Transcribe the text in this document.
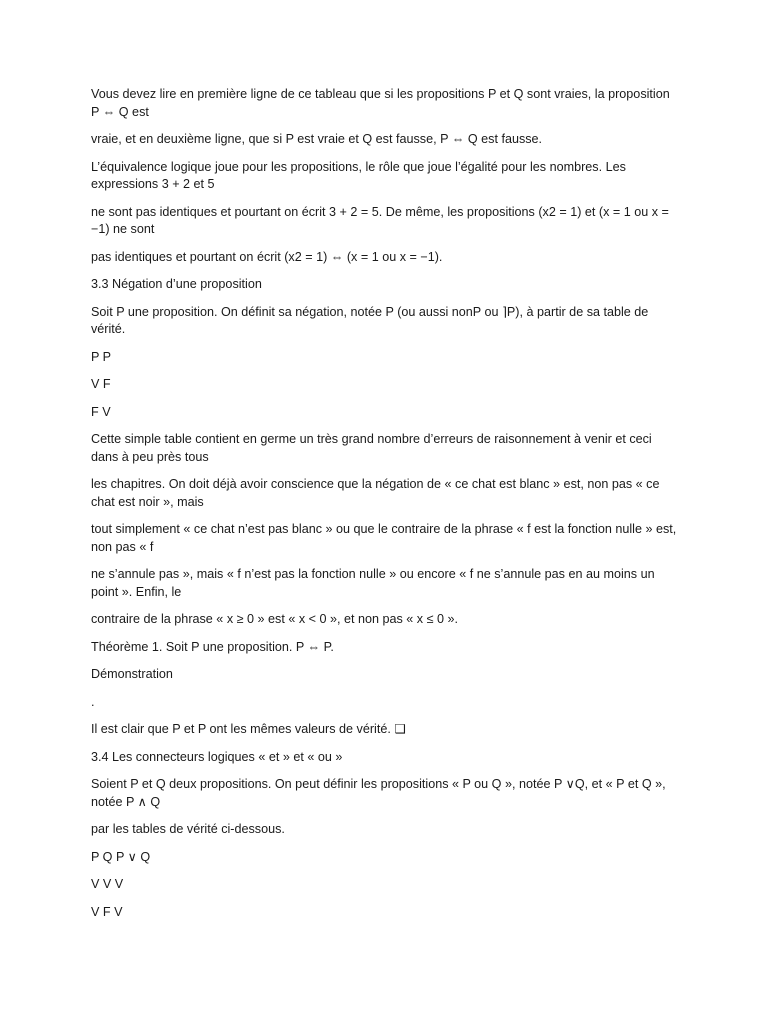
Vous devez lire en première ligne de ce tableau que si les propositions P et Q sont vraies, la proposition P ⇔ Q est

vraie, et en deuxième ligne, que si P est vraie et Q est fausse, P ⇔ Q est fausse.

L’équivalence logique joue pour les propositions, le rôle que joue l’égalité pour les nombres. Les expressions 3 + 2 et 5

ne sont pas identiques et pourtant on écrit 3 + 2 = 5. De même, les propositions (x2 = 1) et (x = 1 ou x = −1) ne sont

pas identiques et pourtant on écrit (x2 = 1) ⇔ (x = 1 ou x = −1).

3.3 Négation d’une proposition

Soit P une proposition. On définit sa négation, notée P (ou aussi nonP ou ⌉P), à partir de sa table de vérité.

P P

V F

F V

Cette simple table contient en germe un très grand nombre d’erreurs de raisonnement à venir et ceci dans à peu près tous

les chapitres. On doit déjà avoir conscience que la négation de « ce chat est blanc » est, non pas « ce chat est noir », mais

tout simplement « ce chat n’est pas blanc » ou que le contraire de la phrase « f est la fonction nulle » est, non pas « f

ne s’annule pas », mais « f n’est pas la fonction nulle » ou encore « f ne s’annule pas en au moins un point ». Enfin, le

contraire de la phrase « x ≥ 0 » est « x < 0 », et non pas « x ≤ 0 ».

Théorème 1. Soit P une proposition. P ⇔ P.

Démonstration

.

Il est clair que P et P ont les mêmes valeurs de vérité. ❑

3.4 Les connecteurs logiques « et » et « ou »

Soient P et Q deux propositions. On peut définir les propositions « P ou Q », notée P ∨Q, et « P et Q », notée P ∧ Q

par les tables de vérité ci-dessous.

P Q P ∨ Q

V V V

V F V
